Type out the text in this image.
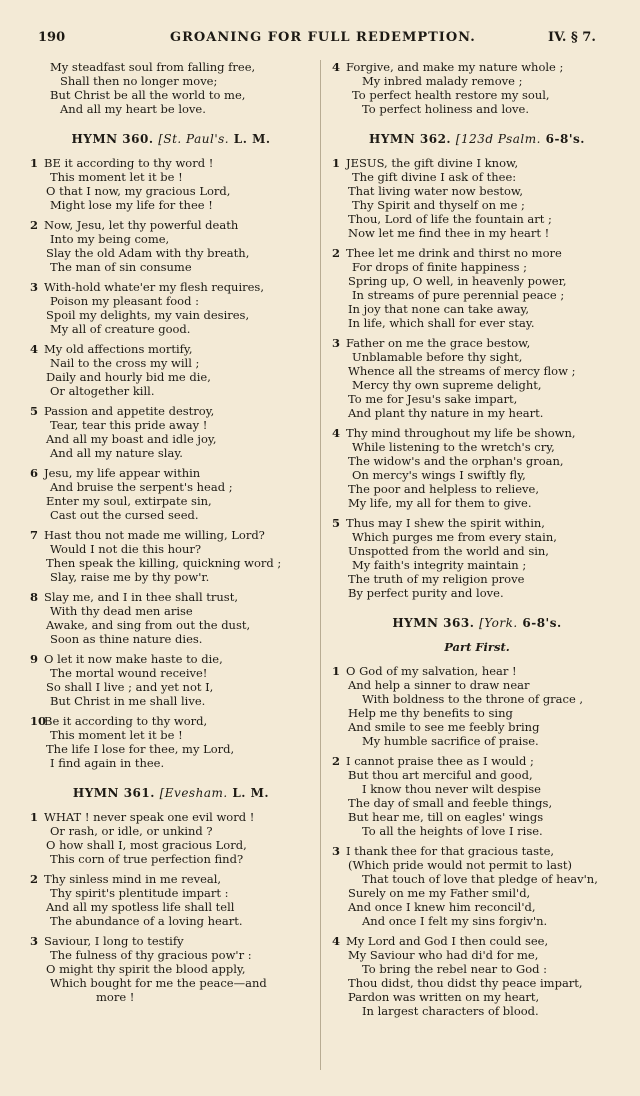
190	GROANING FOR FULL REDEMPTION.	IV. § 7.
My steadfast soul from falling free,
Shall then no longer move;
But Christ be all the world to me,
And all my heart be love.
HYMN 360. [St. Paul's. L. M.
1 BE it according to thy word !
This moment let it be !
O that I now, my gracious Lord,
Might lose my life for thee !
2 Now, Jesu, let thy powerful death
Into my being come,
Slay the old Adam with thy breath,
The man of sin consume
3 With-hold whate'er my flesh requires,
Poison my pleasant food :
Spoil my delights, my vain desires,
My all of creature good.
4 My old affections mortify,
Nail to the cross my will ;
Daily and hourly bid me die,
Or altogether kill.
5 Passion and appetite destroy,
Tear, tear this pride away !
And all my boast and idle joy,
And all my nature slay.
6 Jesu, my life appear within
And bruise the serpent's head ;
Enter my soul, extirpate sin,
Cast out the cursed seed.
7 Hast thou not made me willing, Lord?
Would I not die this hour?
Then speak the killing, quickning word ;
Slay, raise me by thy pow'r.
8 Slay me, and I in thee shall trust,
With thy dead men arise
Awake, and sing from out the dust,
Soon as thine nature dies.
9 O let it now make haste to die,
The mortal wound receive!
So shall I live ; and yet not I,
But Christ in me shall live.
10Be it according to thy word,
This moment let it be !
The life I lose for thee, my Lord,
I find again in thee.
HYMN 361. [Evesham. L. M.
1 WHAT ! never speak one evil word !
Or rash, or idle, or unkind ?
O how shall I, most gracious Lord,
This corn of true perfection find?
2 Thy sinless mind in me reveal,
Thy spirit's plentitude impart :
And all my spotless life shall tell
The abundance of a loving heart.
3 Saviour, I long to testify
The fulness of thy gracious pow'r :
O might thy spirit the blood apply,
Which bought for me the peace—and
more !
4 Forgive, and make my nature whole ;
My inbred malady remove ;
To perfect health restore my soul,
To perfect holiness and love.
HYMN 362. [123d Psalm. 6-8's.
1 JESUS, the gift divine I know,
The gift divine I ask of thee:
That living water now bestow,
Thy Spirit and thyself on me ;
Thou, Lord of life the fountain art ;
Now let me find thee in my heart !
2 Thee let me drink and thirst no more
For drops of finite happiness ;
Spring up, O well, in heavenly power,
In streams of pure perennial peace ;
In joy that none can take away,
In life, which shall for ever stay.
3 Father on me the grace bestow,
Unblamable before thy sight,
Whence all the streams of mercy flow ;
Mercy thy own supreme delight,
To me for Jesu's sake impart,
And plant thy nature in my heart.
4 Thy mind throughout my life be shown,
While listening to the wretch's cry,
The widow's and the orphan's groan,
On mercy's wings I swiftly fly,
The poor and helpless to relieve,
My life, my all for them to give.
5 Thus may I shew the spirit within,
Which purges me from every stain,
Unspotted from the world and sin,
My faith's integrity maintain ;
The truth of my religion prove
By perfect purity and love.
HYMN 363. [York. 6-8's.
Part First.
1 O God of my salvation, hear !
And help a sinner to draw near
With boldness to the throne of grace ,
Help me thy benefits to sing
And smile to see me feebly bring
My humble sacrifice of praise.
2 I cannot praise thee as I would ;
But thou art merciful and good,
I know thou never wilt despise
The day of small and feeble things,
But hear me, till on eagles' wings
To all the heights of love I rise.
3 I thank thee for that gracious taste,
(Which pride would not permit to last)
That touch of love that pledge of heav'n,
Surely on me my Father smil'd,
And once I knew him reconcil'd,
And once I felt my sins forgiv'n.
4 My Lord and God I then could see,
My Saviour who had di'd for me,
To bring the rebel near to God :
Thou didst, thou didst thy peace impart,
Pardon was written on my heart,
In largest characters of blood.
